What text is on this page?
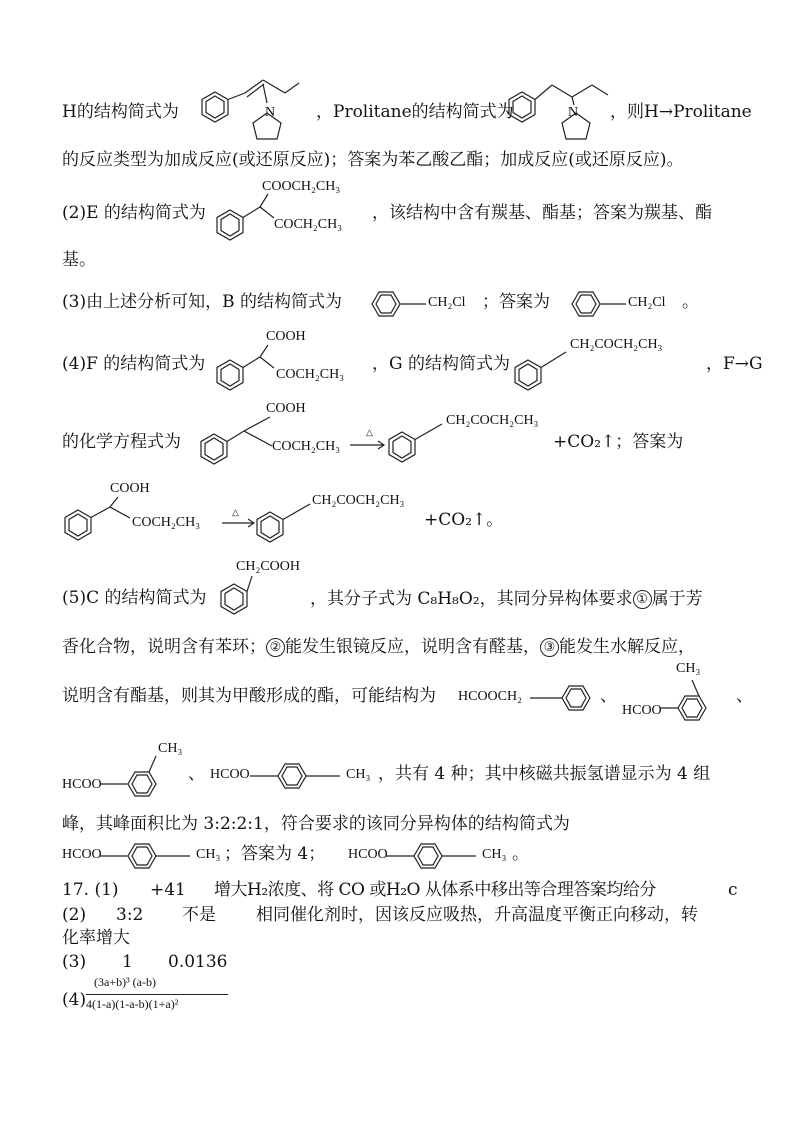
H的结构简式为	N ，Prolitane的结构简式为	N ，则H→Prolitane
的反应类型为加成反应(或还原反应)；答案为苯乙酸乙酯；加成反应(或还原反应)。
COOCH₂CH₃
(2)E 的结构简式为
COCH₂CH₃
，该结构中含有羰基、酯基；答案为羰基、酯
基。
(3)由上述分析可知，B 的结构简式为	CH₂Cl ；答案为	CH₂Cl 。
COOH
(4)F 的结构简式为
COCH₂CH₃
，G 的结构简式为
CH₂COCH₂CH₃
，F→G
COOH
的化学方程式为	COCH₂CH₃
△
CH₂COCH₂CH₃
+CO₂↑；答案为
COOH
COCH₂CH₃
△
CH₂COCH₂CH₃
+CO₂↑。
CH₂COOH
(5)C 的结构简式为	，其分子式为 C₈H₈O₂，其同分异构体要求 ① 属于芳
香化合物，说明含有苯环； ② 能发生银镜反应，说明含有醛基， ③ 能发生水解反应，
说明含有酯基，则其为甲酸形成的酯，可能结构为 HCOOCH₂	、
CH₃
HCOO
、
CH₃
HCOO
、 HCOO	CH₃ ，共有 4 种；其中核磁共振氢谱显示为 4 组
峰，其峰面积比为 3:2:2:1，符合要求的该同分异构体的结构简式为
HCOO	CH₃ ；答案为 4； HCOO	CH₃ 。
17. (1) +41 增大H₂浓度、将 CO 或H₂O 从体系中移出等合理答案均给分	c
(2) 3:2 不是 相同催化剂时，因该反应吸热，升高温度平衡正向移动，转
化率增大
(3) 1 0.0136
(4)
(3a+b)³ (a-b)
4(1-a)(1-a-b)(1+a)²
